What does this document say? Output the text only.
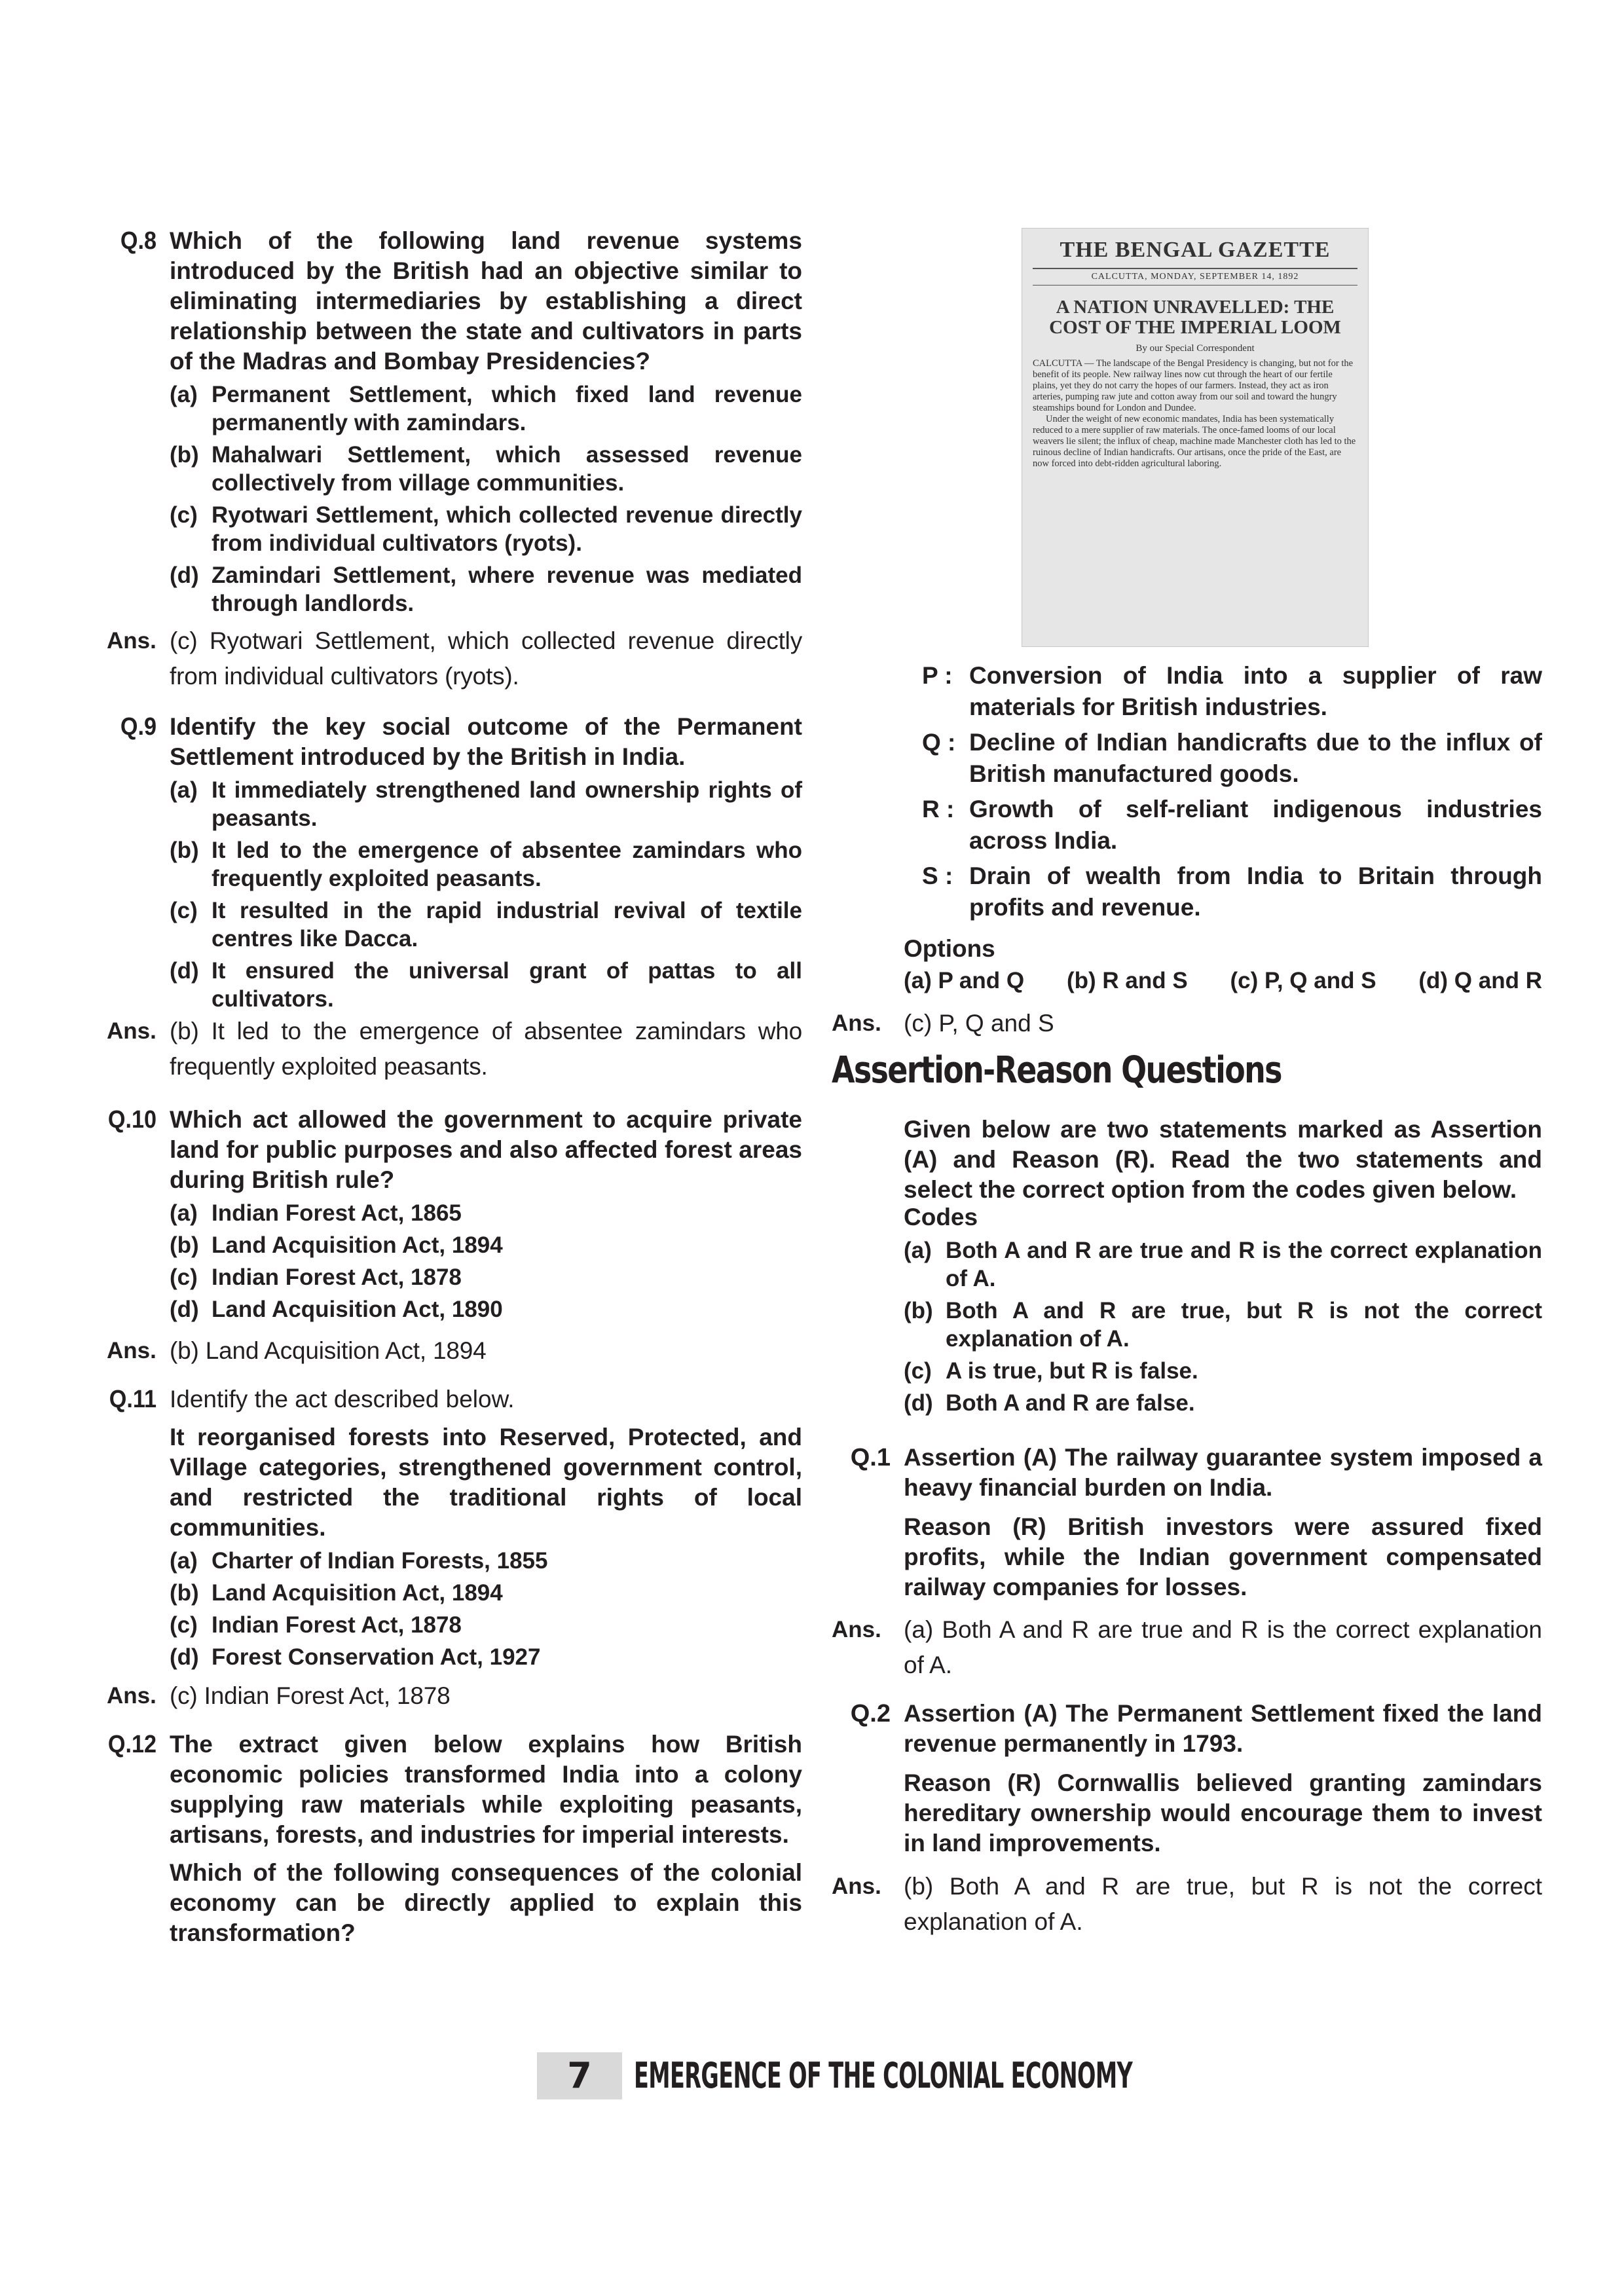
Q.8 Which of the following land revenue systems introduced by the British had an objective similar to eliminating intermediaries by establishing a direct relationship between the state and cultivators in parts of the Madras and Bombay Presidencies?
(a) Permanent Settlement, which fixed land revenue permanently with zamindars.
(b) Mahalwari Settlement, which assessed revenue collectively from village communities.
(c) Ryotwari Settlement, which collected revenue directly from individual cultivators (ryots).
(d) Zamindari Settlement, where revenue was mediated through landlords.
Ans. (c) Ryotwari Settlement, which collected revenue directly from individual cultivators (ryots).
Q.9 Identify the key social outcome of the Permanent Settlement introduced by the British in India.
(a) It immediately strengthened land ownership rights of peasants.
(b) It led to the emergence of absentee zamindars who frequently exploited peasants.
(c) It resulted in the rapid industrial revival of textile centres like Dacca.
(d) It ensured the universal grant of pattas to all cultivators.
Ans. (b) It led to the emergence of absentee zamindars who frequently exploited peasants.
Q.10 Which act allowed the government to acquire private land for public purposes and also affected forest areas during British rule?
(a) Indian Forest Act, 1865
(b) Land Acquisition Act, 1894
(c) Indian Forest Act, 1878
(d) Land Acquisition Act, 1890
Ans. (b) Land Acquisition Act, 1894
Q.11 Identify the act described below.
It reorganised forests into Reserved, Protected, and Village categories, strengthened government control, and restricted the traditional rights of local communities.
(a) Charter of Indian Forests, 1855
(b) Land Acquisition Act, 1894
(c) Indian Forest Act, 1878
(d) Forest Conservation Act, 1927
Ans. (c) Indian Forest Act, 1878
Q.12 The extract given below explains how British economic policies transformed India into a colony supplying raw materials while exploiting peasants, artisans, forests, and industries for imperial interests.
Which of the following consequences of the colonial economy can be directly applied to explain this transformation?
THE BENGAL GAZETTE
CALCUTTA, MONDAY, SEPTEMBER 14, 1892
A NATION UNRAVELLED: THE COST OF THE IMPERIAL LOOM
By our Special Correspondent
CALCUTTA — The landscape of the Bengal Presidency is changing, but not for the benefit of its people. New railway lines now cut through the heart of our fertile plains, yet they do not carry the hopes of our farmers. Instead, they act as iron arteries, pumping raw jute and cotton away from our soil and toward the hungry steamships bound for London and Dundee.
Under the weight of new economic mandates, India has been systematically reduced to a mere supplier of raw materials. The once-famed looms of our local weavers lie silent; the influx of cheap, machine made Manchester cloth has led to the ruinous decline of Indian handicrafts. Our artisans, once the pride of the East, are now forced into debt-ridden agricultural laboring.
P : Conversion of India into a supplier of raw materials for British industries.
Q : Decline of Indian handicrafts due to the influx of British manufactured goods.
R : Growth of self-reliant indigenous industries across India.
S : Drain of wealth from India to Britain through profits and revenue.
Options
(a) P and Q (b) R and S (c) P, Q and S (d) Q and R
Ans. (c) P, Q and S
Assertion-Reason Questions
Given below are two statements marked as Assertion (A) and Reason (R). Read the two statements and select the correct option from the codes given below.
Codes
(a) Both A and R are true and R is the correct explanation of A.
(b) Both A and R are true, but R is not the correct explanation of A.
(c) A is true, but R is false.
(d) Both A and R are false.
Q.1 Assertion (A) The railway guarantee system imposed a heavy financial burden on India.
Reason (R) British investors were assured fixed profits, while the Indian government compensated railway companies for losses.
Ans. (a) Both A and R are true and R is the correct explanation of A.
Q.2 Assertion (A) The Permanent Settlement fixed the land revenue permanently in 1793.
Reason (R) Cornwallis believed granting zamindars hereditary ownership would encourage them to invest in land improvements.
Ans. (b) Both A and R are true, but R is not the correct explanation of A.
7	EMERGENCE OF THE COLONIAL ECONOMY
